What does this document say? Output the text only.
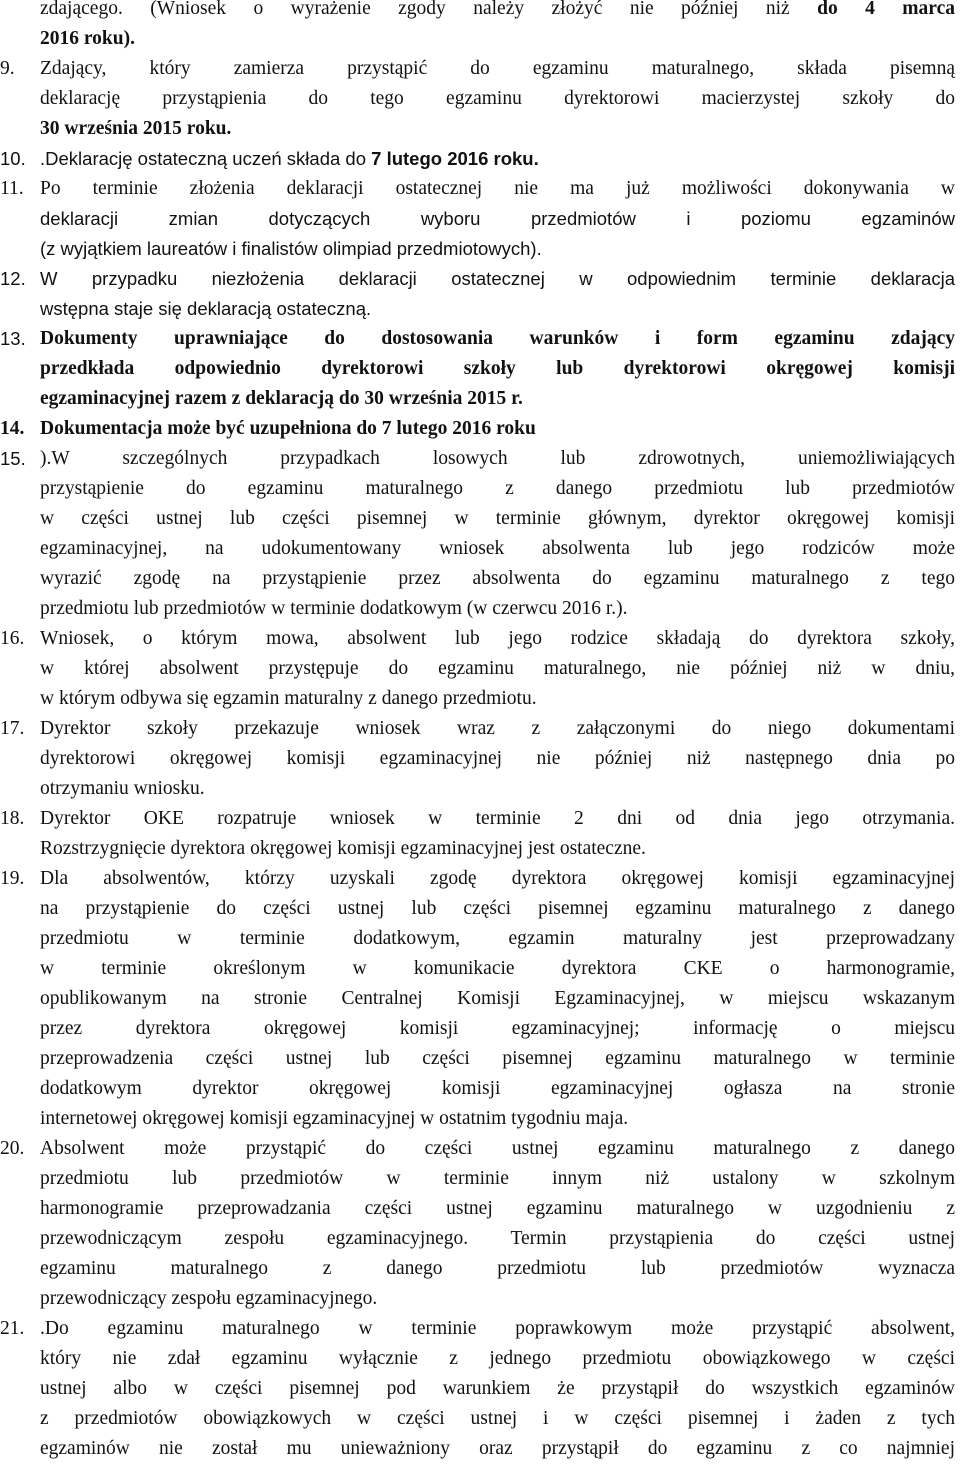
zdającego. (Wniosek o wyrażenie zgody należy złożyć nie później niż do 4 marca
2016 roku).
9. Zdający, który zamierza przystąpić do egzaminu maturalnego, składa pisemną
deklarację przystąpienia do tego egzaminu dyrektorowi macierzystej szkoły do
30 września 2015 roku.
10. .Deklarację ostateczną uczeń składa do 7 lutego 2016 roku.
11. Po terminie złożenia deklaracji ostatecznej nie ma już możliwości dokonywania w
deklaracji zmian dotyczących wyboru przedmiotów i poziomu egzaminów
(z wyjątkiem laureatów i finalistów olimpiad przedmiotowych).
12. W przypadku niezłożenia deklaracji ostatecznej w odpowiednim terminie deklaracja
wstępna staje się deklaracją ostateczną.
13. Dokumenty uprawniające do dostosowania warunków i form egzaminu zdający
przedkłada odpowiednio dyrektorowi szkoły lub dyrektorowi okręgowej komisji
egzaminacyjnej razem z deklaracją do 30 września 2015 r.
14. Dokumentacja może być uzupełniona do 7 lutego 2016 roku
15. ).W szczególnych przypadkach losowych lub zdrowotnych, uniemożliwiających
przystąpienie do egzaminu maturalnego z danego przedmiotu lub przedmiotów
w części ustnej lub części pisemnej w terminie głównym, dyrektor okręgowej komisji
egzaminacyjnej, na udokumentowany wniosek absolwenta lub jego rodziców może
wyrazić zgodę na przystąpienie przez absolwenta do egzaminu maturalnego z tego
przedmiotu lub przedmiotów w terminie dodatkowym (w czerwcu 2016 r.).
16. Wniosek, o którym mowa, absolwent lub jego rodzice składają do dyrektora szkoły,
w której absolwent przystępuje do egzaminu maturalnego, nie później niż w dniu,
w którym odbywa się egzamin maturalny z danego przedmiotu.
17. Dyrektor szkoły przekazuje wniosek wraz z załączonymi do niego dokumentami
dyrektorowi okręgowej komisji egzaminacyjnej nie później niż następnego dnia po
otrzymaniu wniosku.
18. Dyrektor OKE rozpatruje wniosek w terminie 2 dni od dnia jego otrzymania.
Rozstrzygnięcie dyrektora okręgowej komisji egzaminacyjnej jest ostateczne.
19. Dla absolwentów, którzy uzyskali zgodę dyrektora okręgowej komisji egzaminacyjnej
na przystąpienie do części ustnej lub części pisemnej egzaminu maturalnego z danego
przedmiotu w terminie dodatkowym, egzamin maturalny jest przeprowadzany
w terminie określonym w komunikacie dyrektora CKE o harmonogramie,
opublikowanym na stronie Centralnej Komisji Egzaminacyjnej, w miejscu wskazanym
przez dyrektora okręgowej komisji egzaminacyjnej; informację o miejscu
przeprowadzenia części ustnej lub części pisemnej egzaminu maturalnego w terminie
dodatkowym dyrektor okręgowej komisji egzaminacyjnej ogłasza na stronie
internetowej okręgowej komisji egzaminacyjnej w ostatnim tygodniu maja.
20. Absolwent może przystąpić do części ustnej egzaminu maturalnego z danego
przedmiotu lub przedmiotów w terminie innym niż ustalony w szkolnym
harmonogramie przeprowadzania części ustnej egzaminu maturalnego w uzgodnieniu z
przewodniczącym zespołu egzaminacyjnego. Termin przystąpienia do części ustnej
egzaminu maturalnego z danego przedmiotu lub przedmiotów wyznacza
przewodniczący zespołu egzaminacyjnego.
21. .Do egzaminu maturalnego w terminie poprawkowym może przystąpić absolwent,
który nie zdał egzaminu wyłącznie z jednego przedmiotu obowiązkowego w części
ustnej albo w części pisemnej pod warunkiem że przystąpił do wszystkich egzaminów
z przedmiotów obowiązkowych w części ustnej i w części pisemnej i żaden z tych
egzaminów nie został mu unieważniony oraz przystąpił do egzaminu z co najmniej
